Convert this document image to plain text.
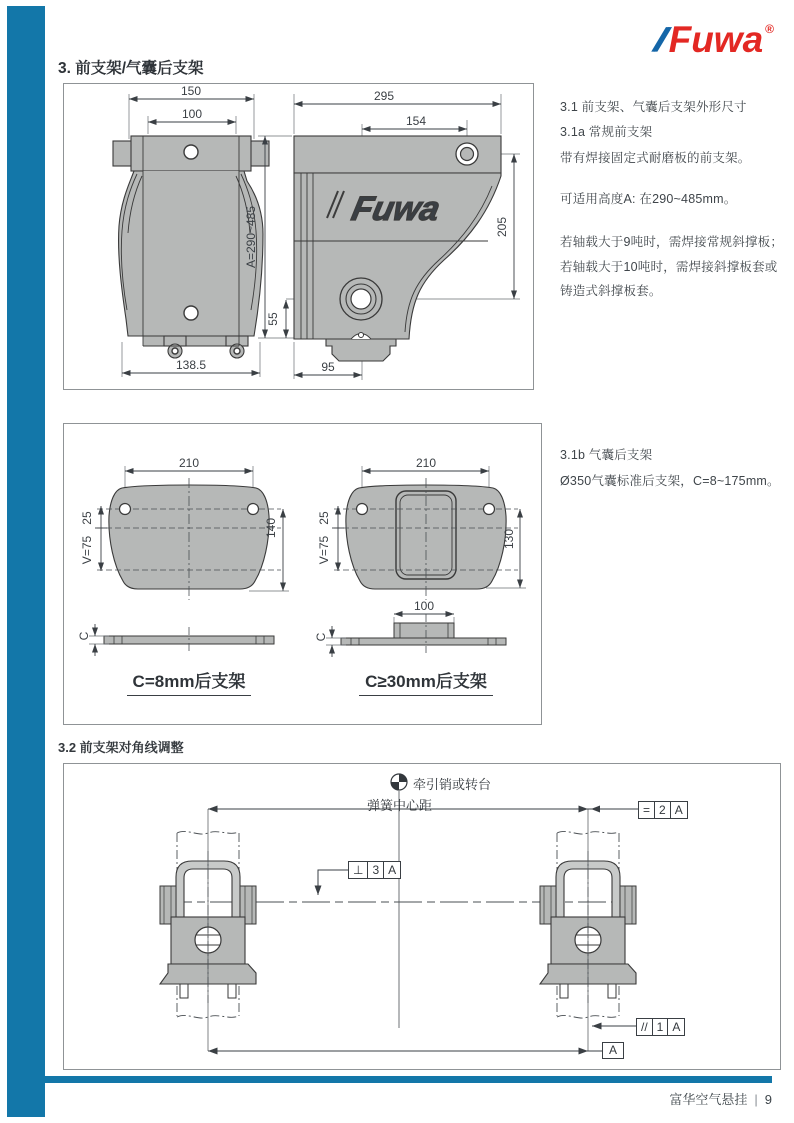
// Fuwa ®
3. 前支架/气囊后支架
150
100
138.5
295
154
A=290~485
55
95
205
Fuwa
3.1 前支架、气囊后支架外形尺寸
3.1a 常规前支架
带有焊接固定式耐磨板的前支架。
可适用高度A: 在290~485mm。
若轴载大于9吨时，需焊接常规斜撑板；
若轴载大于10吨时，需焊接斜撑板套或
铸造式斜撑板套。
210
25
V=75
140
C
210
25
V=75	130
100
C
C=8mm后支架	C≥30mm后支架
3.1b 气囊后支架
Ø350气囊标准后支架，C=8~175mm。
3.2 前支架对角线调整
牵引销或转台
弹簧中心距	= 2 A
⊥ 3 A
// 1 A
A
富华空气悬挂 | 9
